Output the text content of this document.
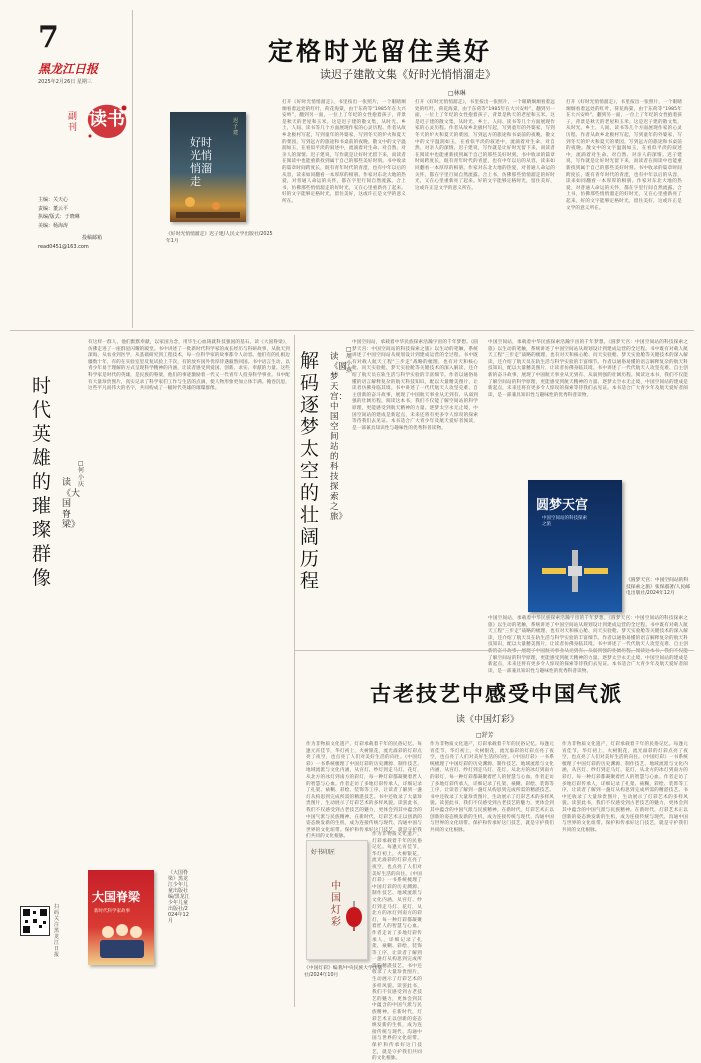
7
黑龙江日报
2025年2月26日 星期三
副刊 读书
主编：关天心
责编：董云平
执编/版式：于晓琳
美编：杨海涛
投稿邮箱
read0451@163.com
定格时光留住美好
读迟子建散文集《好时光悄悄溜走》
□林琳
迟子建
好时光悄悄溜走
《好时光悄悄溜走》迟子建/人民文学出版社/2025年1月
打开《好时光悄悄溜走》，书里按出一张照片，一个眼睛炯炯看着远处的红叶，荷花海棠，由于东荷等“1985年在大兴安岭”，翻到另一面，一位上了年纪的女性抱着孩子，背景是秋天的老屋和玉米。这是迟子建的散文集，从时光、乡土、人间、读书等几个方面展现作家的心灵历程。作者从故乡北极村写起，写到童年的外婆家，写到冬天的炉火和夏天的菜园，写到远方的旅途和书桌前的夜晚。散文中的文字温润如玉，在看似平淡的叙述中，流淌着对生命、对自然、对亲人的深情。迟子建说，写作就是让好时光留下来，而读者在阅读中也能重新找到属于自己的那些美好时刻。书中收录的篇章时间跨度长，既有青年时代的青涩，也有中年以后的从容，读来如同翻看一本厚厚的相册。作家对东北大地的热爱，对普通人命运的关怀，都在字里行间自然流露。合上书，仿佛那些悄悄溜走的好时光，又在心里重新亮了起来。好的文字能够定格时光，留住美好，这或许正是文学的意义所在。
打开《好时光悄悄溜走》，书里按出一张照片，一个眼睛炯炯看着远处的红叶，荷花海棠，由于东荷等“1985年在大兴安岭”，翻到另一面，一位上了年纪的女性抱着孩子，背景是秋天的老屋和玉米。这是迟子建的散文集，从时光、乡土、人间、读书等几个方面展现作家的心灵历程。作者从故乡北极村写起，写到童年的外婆家，写到冬天的炉火和夏天的菜园，写到远方的旅途和书桌前的夜晚。散文中的文字温润如玉，在看似平淡的叙述中，流淌着对生命、对自然、对亲人的深情。迟子建说，写作就是让好时光留下来，而读者在阅读中也能重新找到属于自己的那些美好时刻。书中收录的篇章时间跨度长，既有青年时代的青涩，也有中年以后的从容，读来如同翻看一本厚厚的相册。作家对东北大地的热爱，对普通人命运的关怀，都在字里行间自然流露。合上书，仿佛那些悄悄溜走的好时光，又在心里重新亮了起来。好的文字能够定格时光，留住美好，这或许正是文学的意义所在。
打开《好时光悄悄溜走》，书里按出一张照片，一个眼睛炯炯看着远处的红叶，荷花海棠，由于东荷等“1985年在大兴安岭”，翻到另一面，一位上了年纪的女性抱着孩子，背景是秋天的老屋和玉米。这是迟子建的散文集，从时光、乡土、人间、读书等几个方面展现作家的心灵历程。作者从故乡北极村写起，写到童年的外婆家，写到冬天的炉火和夏天的菜园，写到远方的旅途和书桌前的夜晚。散文中的文字温润如玉，在看似平淡的叙述中，流淌着对生命、对自然、对亲人的深情。迟子建说，写作就是让好时光留下来，而读者在阅读中也能重新找到属于自己的那些美好时刻。书中收录的篇章时间跨度长，既有青年时代的青涩，也有中年以后的从容，读来如同翻看一本厚厚的相册。作家对东北大地的热爱，对普通人命运的关怀，都在字里行间自然流露。合上书，仿佛那些悄悄溜走的好时光，又在心里重新亮了起来。好的文字能够定格时光，留住美好，这或许正是文学的意义所在。
时代英雄的璀璨群像
读《大国脊梁》
□何小庆
有这样一群人，他们默默奉献，以家国为念，用毕生心血铸就科技强国的基石。读《大国脊梁》，仿佛走进了一座群星闪耀的殿堂。书中讲述了一批新时代科学家的成长经历与科研故事，从航天到深海，从农业到医学，从基础研究到工程技术，每一位科学家的故事都令人动容。他们有的扎根边疆数十年，有的在实验室里反复试验上千次，有的放弃国外优厚待遇毅然回国。书中语言生动，以青少年易于理解的方式呈现科学精神的内涵，让读者感受到爱国、创新、求实、奉献的力量。这些科学家是时代的英雄，是民族的脊梁，他们的事迹激励着一代又一代青年人投身科学事业。书中配有大量珍贵图片，真实记录了科学家们工作与生活的点滴，使人物形象更加立体丰满。掩卷沉思，这些平凡而伟大的名字，共同构成了一幅时代英雄的璀璨群像。
大国脊梁
新时代科学家故事
《大国脊梁》黑龙江少年儿童出版社编/黑龙江少年儿童出版社/2024年12月
扫码关注黑龙江日报
解码逐梦太空的壮阔历程
读《圆梦天宫：中国空间站的科技探索之旅》
□周小燕
中国空间站，承载着中华民族探索浩瀚宇宙的千年梦想。《圆梦天宫：中国空间站的科技探索之旅》以生动的笔触，系统讲述了中国空间站从规划设计到建成运营的全过程。书中既有对载人航天工程“三步走”战略的梳理，也有对天和核心舱、问天实验舱、梦天实验舱等关键技术的深入解读，还介绍了航天员在轨生活与科学实验的丰富细节。作者以通俗易懂的语言解释复杂的航天科技知识，配以大量精美图片，让读者仿佛身临其境。书中讲述了一代代航天人攻坚克难、自主创新的奋斗故事，展现了中国航天事业从无到有、从弱到强的壮阔历程。阅读这本书，我们不仅能了解空间站的科学原理，更能感受到航天精神的力量。逐梦太空永无止境，中国空间站的建成是新起点，未来还将有更多令人惊叹的探索等待我们去见证。本书适合广大青少年及航天爱好者阅读，是一部兼具知识性与趣味性的优秀科普读物。
中国空间站，承载着中华民族探索浩瀚宇宙的千年梦想。《圆梦天宫：中国空间站的科技探索之旅》以生动的笔触，系统讲述了中国空间站从规划设计到建成运营的全过程。书中既有对载人航天工程“三步走”战略的梳理，也有对天和核心舱、问天实验舱、梦天实验舱等关键技术的深入解读，还介绍了航天员在轨生活与科学实验的丰富细节。作者以通俗易懂的语言解释复杂的航天科技知识，配以大量精美图片，让读者仿佛身临其境。书中讲述了一代代航天人攻坚克难、自主创新的奋斗故事，展现了中国航天事业从无到有、从弱到强的壮阔历程。阅读这本书，我们不仅能了解空间站的科学原理，更能感受到航天精神的力量。逐梦太空永无止境，中国空间站的建成是新起点，未来还将有更多令人惊叹的探索等待我们去见证。本书适合广大青少年及航天爱好者阅读，是一部兼具知识性与趣味性的优秀科普读物。
圆梦天宫
中国空间站的科技探索之旅
《圆梦天宫：中国空间站的科技探索之旅》张保淑著/人民邮电出版社/2024年12月
中国空间站，承载着中华民族探索浩瀚宇宙的千年梦想。《圆梦天宫：中国空间站的科技探索之旅》以生动的笔触，系统讲述了中国空间站从规划设计到建成运营的全过程。书中既有对载人航天工程“三步走”战略的梳理，也有对天和核心舱、问天实验舱、梦天实验舱等关键技术的深入解读，还介绍了航天员在轨生活与科学实验的丰富细节。作者以通俗易懂的语言解释复杂的航天科技知识，配以大量精美图片，让读者仿佛身临其境。书中讲述了一代代航天人攻坚克难、自主创新的奋斗故事，展现了中国航天事业从无到有、从弱到强的壮阔历程。阅读这本书，我们不仅能了解空间站的科学原理，更能感受到航天精神的力量。逐梦太空永无止境，中国空间站的建成是新起点，未来还将有更多令人惊叹的探索等待我们去见证。本书适合广大青少年及航天爱好者阅读，是一部兼具知识性与趣味性的优秀科普读物。
古老技艺中感受中国气派
读《中国灯彩》
□舒芳
作为非物质文化遗产，灯彩承载着千年的民俗记忆。每逢元宵佳节，华灯初上，火树银花，流光溢彩的灯彩点亮了夜空，也点亮了人们对美好生活的向往。《中国灯彩》一书系统梳理了中国灯彩的历史渊源、制作技艺、地域流派与文化内涵，从宫灯、纱灯到走马灯、花灯，从北方的冰灯到南方的彩灯，每一种灯彩都凝聚着匠人的智慧与心血。作者走访了多地灯彩传承人，详细记录了扎架、裱糊、彩绘、装饰等工序，让读者了解到一盏灯从构思到完成所需的精湛技艺。书中还收录了大量珍贵图片，生动展示了灯彩艺术的多样风貌。读罢此书，我们不仅感受到古老技艺的魅力，更体会到其中蕴含的中国气派与民族精神。在新时代，灯彩艺术正以创新的姿态焕发新的生机，成为连接传统与现代、沟通中国与世界的文化纽带。保护和传承好这门技艺，就是守护我们共同的文化根脉。
好书印匠
中国灯彩
《中国灯彩》编著/中央民族大学出版社/2024年10月
作为非物质文化遗产，灯彩承载着千年的民俗记忆。每逢元宵佳节，华灯初上，火树银花，流光溢彩的灯彩点亮了夜空，也点亮了人们对美好生活的向往。《中国灯彩》一书系统梳理了中国灯彩的历史渊源、制作技艺、地域流派与文化内涵，从宫灯、纱灯到走马灯、花灯，从北方的冰灯到南方的彩灯，每一种灯彩都凝聚着匠人的智慧与心血。作者走访了多地灯彩传承人，详细记录了扎架、裱糊、彩绘、装饰等工序，让读者了解到一盏灯从构思到完成所需的精湛技艺。书中还收录了大量珍贵图片，生动展示了灯彩艺术的多样风貌。读罢此书，我们不仅感受到古老技艺的魅力，更体会到其中蕴含的中国气派与民族精神。在新时代，灯彩艺术正以创新的姿态焕发新的生机，成为连接传统与现代、沟通中国与世界的文化纽带。保护和传承好这门技艺，就是守护我们共同的文化根脉。
作为非物质文化遗产，灯彩承载着千年的民俗记忆。每逢元宵佳节，华灯初上，火树银花，流光溢彩的灯彩点亮了夜空，也点亮了人们对美好生活的向往。《中国灯彩》一书系统梳理了中国灯彩的历史渊源、制作技艺、地域流派与文化内涵，从宫灯、纱灯到走马灯、花灯，从北方的冰灯到南方的彩灯，每一种灯彩都凝聚着匠人的智慧与心血。作者走访了多地灯彩传承人，详细记录了扎架、裱糊、彩绘、装饰等工序，让读者了解到一盏灯从构思到完成所需的精湛技艺。书中还收录了大量珍贵图片，生动展示了灯彩艺术的多样风貌。读罢此书，我们不仅感受到古老技艺的魅力，更体会到其中蕴含的中国气派与民族精神。在新时代，灯彩艺术正以创新的姿态焕发新的生机，成为连接传统与现代、沟通中国与世界的文化纽带。保护和传承好这门技艺，就是守护我们共同的文化根脉。
作为非物质文化遗产，灯彩承载着千年的民俗记忆。每逢元宵佳节，华灯初上，火树银花，流光溢彩的灯彩点亮了夜空，也点亮了人们对美好生活的向往。《中国灯彩》一书系统梳理了中国灯彩的历史渊源、制作技艺、地域流派与文化内涵，从宫灯、纱灯到走马灯、花灯，从北方的冰灯到南方的彩灯，每一种灯彩都凝聚着匠人的智慧与心血。作者走访了多地灯彩传承人，详细记录了扎架、裱糊、彩绘、装饰等工序，让读者了解到一盏灯从构思到完成所需的精湛技艺。书中还收录了大量珍贵图片，生动展示了灯彩艺术的多样风貌。读罢此书，我们不仅感受到古老技艺的魅力，更体会到其中蕴含的中国气派与民族精神。在新时代，灯彩艺术正以创新的姿态焕发新的生机，成为连接传统与现代、沟通中国与世界的文化纽带。保护和传承好这门技艺，就是守护我们共同的文化根脉。
